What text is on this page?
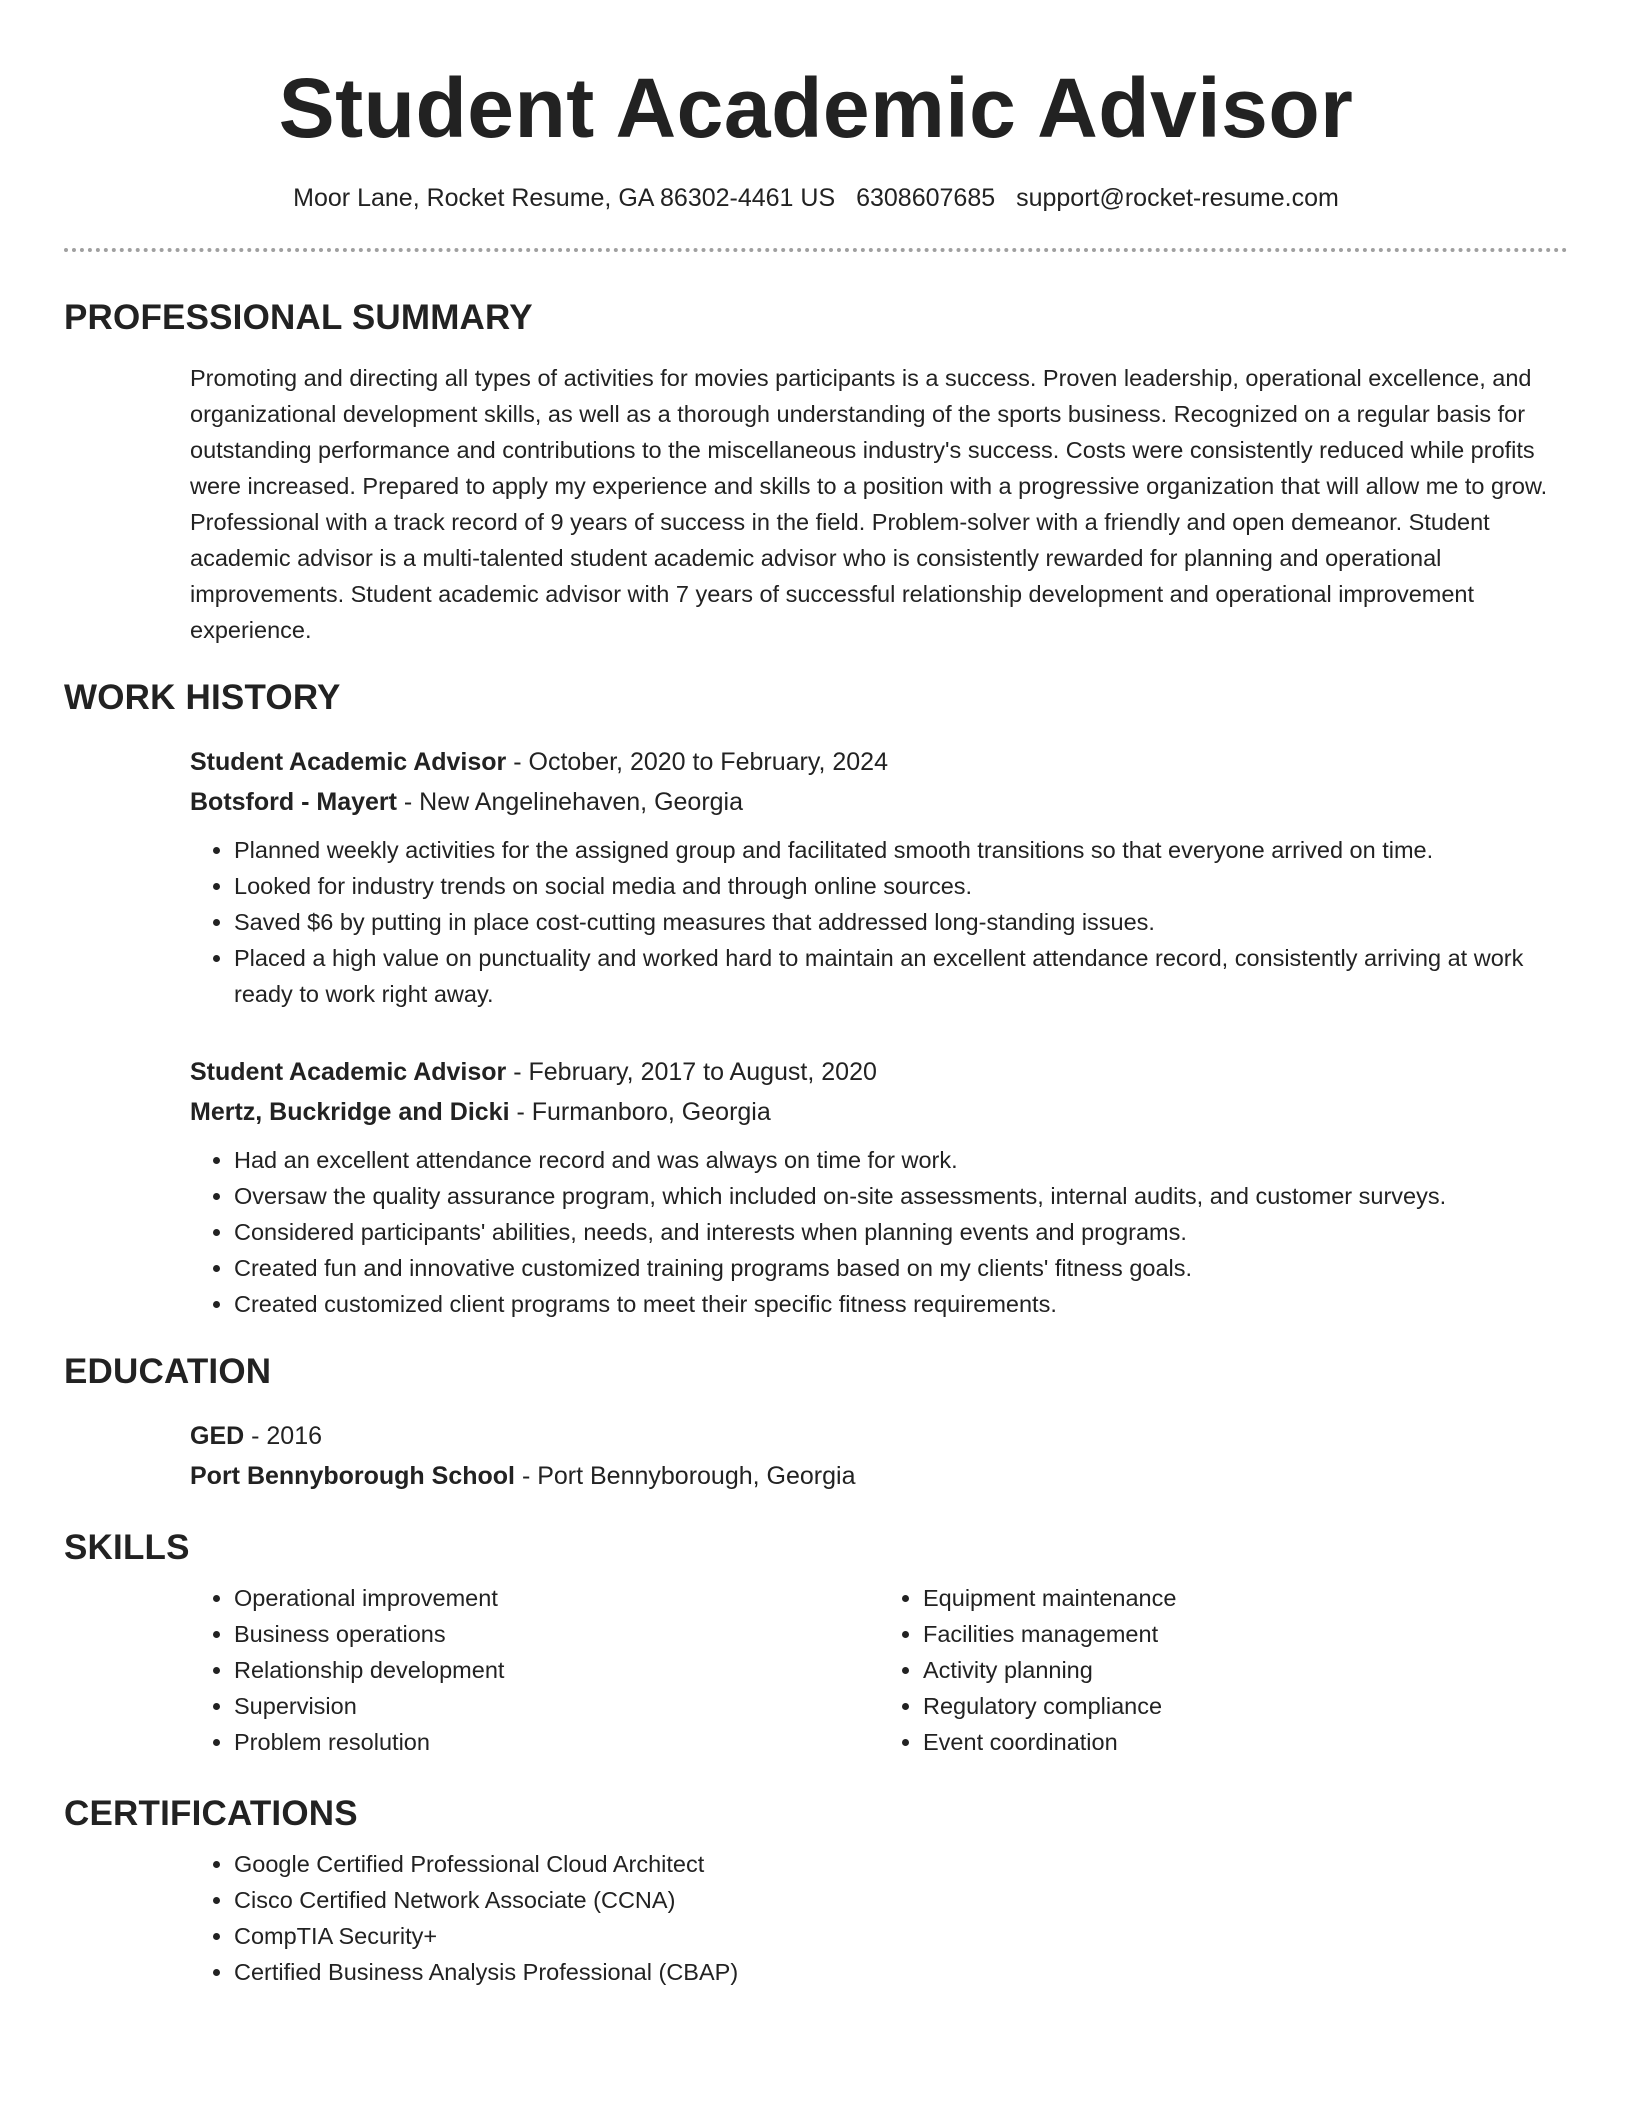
Student Academic Advisor
Moor Lane, Rocket Resume, GA 86302-4461 US 6308607685 support@rocket-resume.com
PROFESSIONAL SUMMARY
Promoting and directing all types of activities for movies participants is a success. Proven leadership, operational excellence, and organizational development skills, as well as a thorough understanding of the sports business. Recognized on a regular basis for outstanding performance and contributions to the miscellaneous industry's success. Costs were consistently reduced while profits were increased. Prepared to apply my experience and skills to a position with a progressive organization that will allow me to grow. Professional with a track record of 9 years of success in the field. Problem-solver with a friendly and open demeanor. Student academic advisor is a multi-talented student academic advisor who is consistently rewarded for planning and operational improvements. Student academic advisor with 7 years of successful relationship development and operational improvement experience.
WORK HISTORY
Student Academic Advisor - October, 2020 to February, 2024
Botsford - Mayert - New Angelinehaven, Georgia
• Planned weekly activities for the assigned group and facilitated smooth transitions so that everyone arrived on time.
• Looked for industry trends on social media and through online sources.
• Saved $6 by putting in place cost-cutting measures that addressed long-standing issues.
• Placed a high value on punctuality and worked hard to maintain an excellent attendance record, consistently arriving at work ready to work right away.
Student Academic Advisor - February, 2017 to August, 2020
Mertz, Buckridge and Dicki - Furmanboro, Georgia
• Had an excellent attendance record and was always on time for work.
• Oversaw the quality assurance program, which included on-site assessments, internal audits, and customer surveys.
• Considered participants' abilities, needs, and interests when planning events and programs.
• Created fun and innovative customized training programs based on my clients' fitness goals.
• Created customized client programs to meet their specific fitness requirements.
EDUCATION
GED - 2016
Port Bennyborough School - Port Bennyborough, Georgia
SKILLS
• Operational improvement
• Business operations
• Relationship development
• Supervision
• Problem resolution
• Equipment maintenance
• Facilities management
• Activity planning
• Regulatory compliance
• Event coordination
CERTIFICATIONS
• Google Certified Professional Cloud Architect
• Cisco Certified Network Associate (CCNA)
• CompTIA Security+
• Certified Business Analysis Professional (CBAP)
